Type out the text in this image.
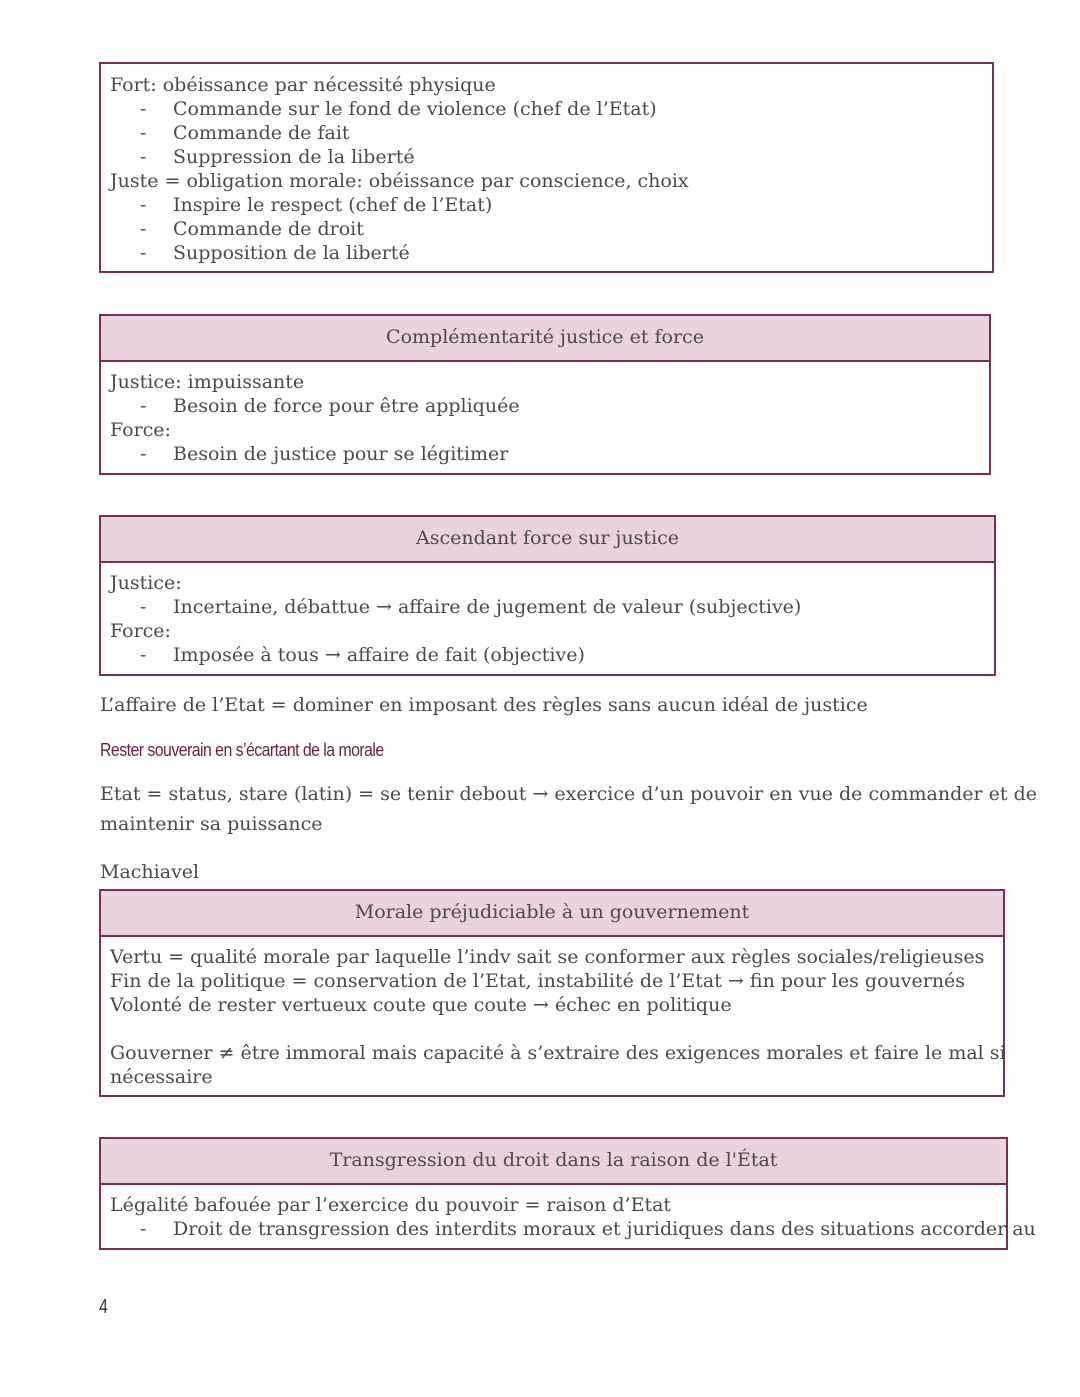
Fort: obéissance par nécessité physique
- Commande sur le fond de violence (chef de l’Etat)
- Commande de fait
- Suppression de la liberté
Juste = obligation morale: obéissance par conscience, choix
- Inspire le respect (chef de l’Etat)
- Commande de droit
- Supposition de la liberté
Complémentarité justice et force
Justice: impuissante
- Besoin de force pour être appliquée
Force:
- Besoin de justice pour se légitimer
Ascendant force sur justice
Justice:
- Incertaine, débattue → affaire de jugement de valeur (subjective)
Force:
- Imposée à tous → affaire de fait (objective)
L’affaire de l’Etat = dominer en imposant des règles sans aucun idéal de justice
Rester souverain en s’écartant de la morale
Etat = status, stare (latin) = se tenir debout → exercice d’un pouvoir en vue de commander et de
maintenir sa puissance
Machiavel
Morale préjudiciable à un gouvernement
Vertu = qualité morale par laquelle l’indv sait se conformer aux règles sociales/religieuses
Fin de la politique = conservation de l’Etat, instabilité de l’Etat → fin pour les gouvernés
Volonté de rester vertueux coute que coute → échec en politique
Gouverner ≠ être immoral mais capacité à s’extraire des exigences morales et faire le mal si
nécessaire
Transgression du droit dans la raison de l'État
Légalité bafouée par l’exercice du pouvoir = raison d’Etat
- Droit de transgression des interdits moraux et juridiques dans des situations accorder au
4
